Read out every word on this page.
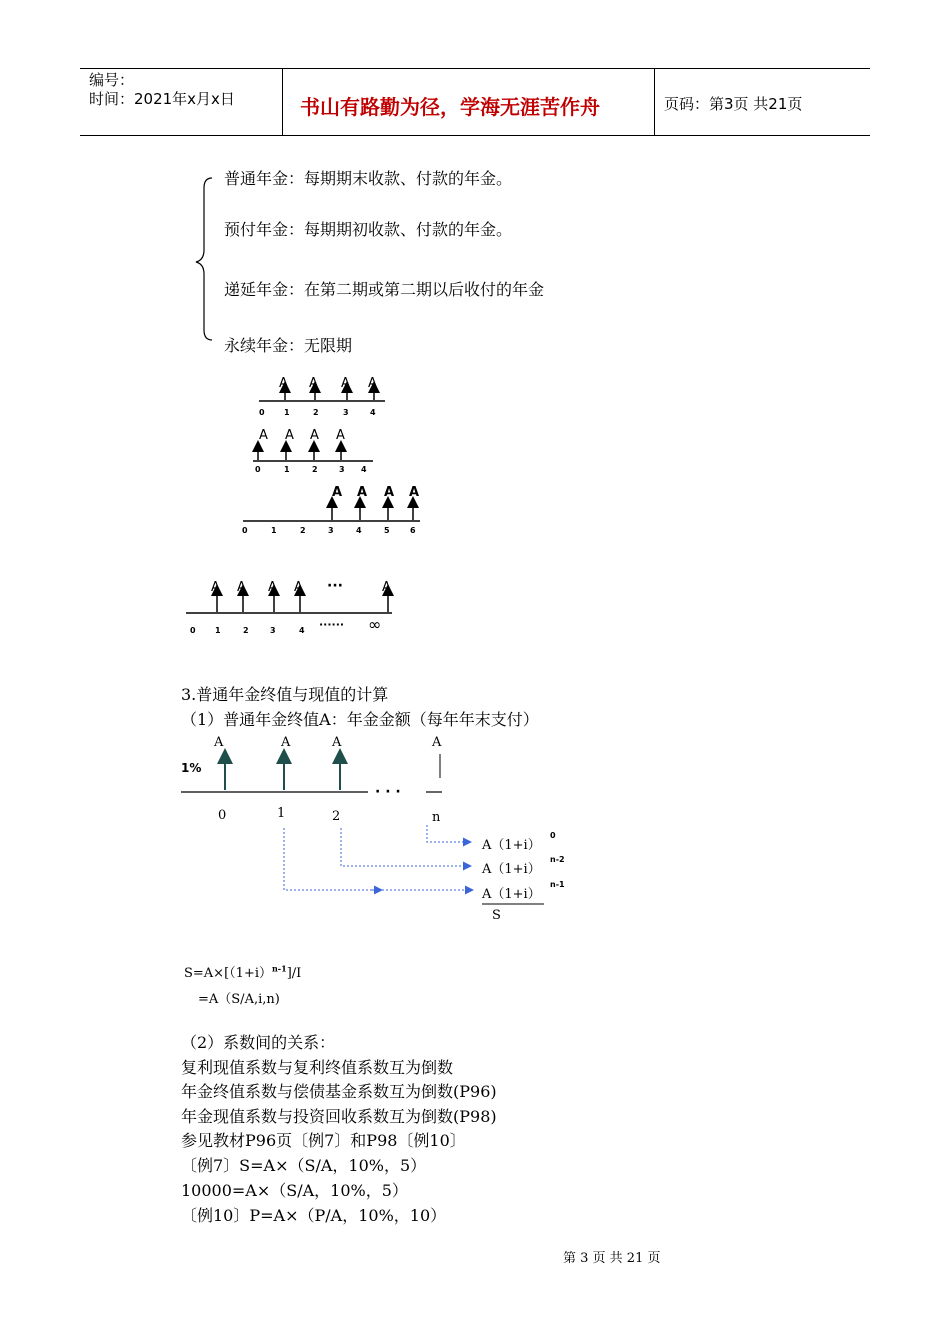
编号：
时间：2021年x月x日	书山有路勤为径，学海无涯苦作舟	页码：第3页 共21页
普通年金：每期期末收款、付款的年金。
预付年金：每期期初收款、付款的年金。
递延年金：在第二期或第二期以后收付的年金
永续年金：无限期
A A A A
0 1	2	3	4
A A A A
0	1	2	3 4
A A A A
0	1	2	3	4	5	6
A A A A ···	A
0 1	2	3	4 ······ ∞
3.普通年金终值与现值的计算
（1）普通年金终值A：年金金额（每年年末支付）
A	A	A	A
1%
· · ·
0	1	2	n
A（1+i）
0
A（1+i）
n-2
A（1+i）
n-1
S
$S=A\times[(1+i)^{n-1}]/I$
=A（S/A,i,n)
（2）系数间的关系：
复利现值系数与复利终值系数互为倒数
年金终值系数与偿债基金系数互为倒数(P96)
年金现值系数与投资回收系数互为倒数(P98)
参见教材P96页〔例7〕和P98〔例10〕
〔例7〕S=A×（S/A，10%，5）
10000=A×（S/A，10%，5）
〔例10〕P=A×（P/A，10%，10）
第 3 页 共 21 页
